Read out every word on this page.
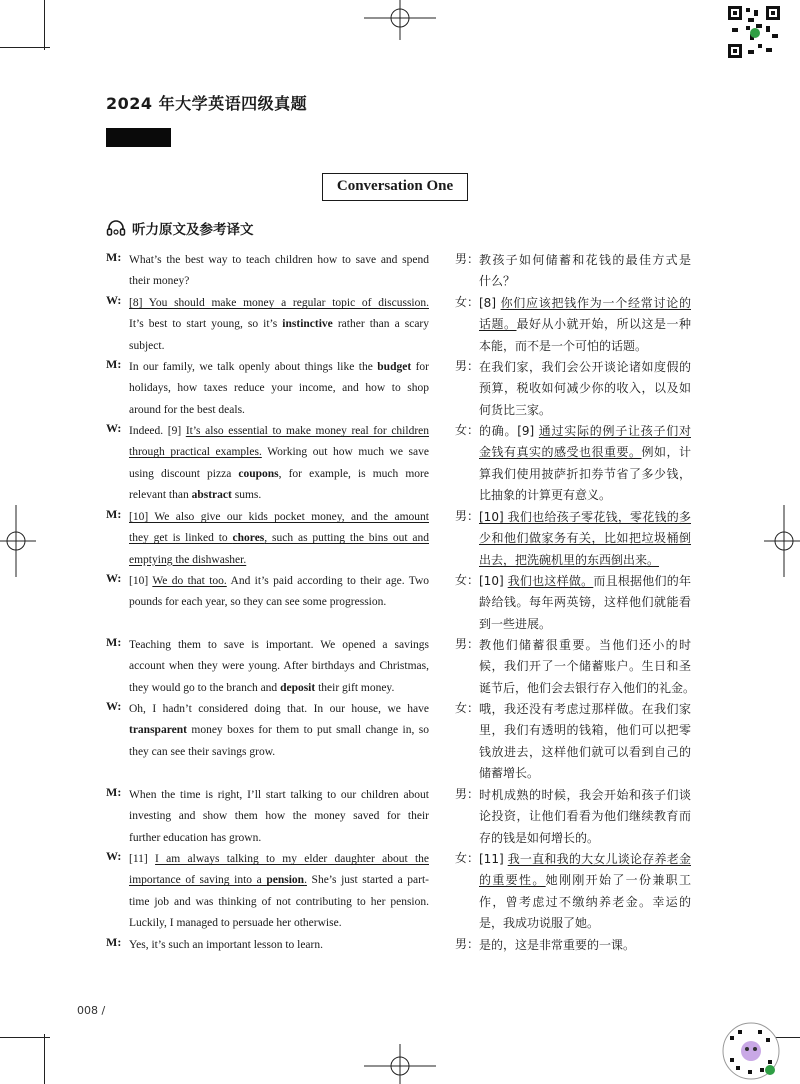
2024 年大学英语四级真题
Conversation One
听力原文及参考译文
M: What’s the best way to teach children how to save and spend
their money?
W: [8] You should make money a regular topic of discussion.
It’s best to start young, so it’s instinctive rather than a scary
subject.
M: In our family, we talk openly about things like the budget for
holidays, how taxes reduce your income, and how to shop
around for the best deals.
W: Indeed. [9] It’s also essential to make money real for children
through practical examples. Working out how much we save
using discount pizza coupons, for example, is much more
relevant than abstract sums.
M: [10] We also give our kids pocket money, and the amount
they get is linked to chores, such as putting the bins out and
emptying the dishwasher.
W: [10] We do that too. And it’s paid according to their age. Two
pounds for each year, so they can see some progression.
M: Teaching them to save is important. We opened a savings
account when they were young. After birthdays and Christmas,
they would go to the branch and deposit their gift money.
W: Oh, I hadn’t considered doing that. In our house, we have
transparent money boxes for them to put small change in, so
they can see their savings grow.
M: When the time is right, I’ll start talking to our children about
investing and show them how the money saved for their
further education has grown.
W: [11] I am always talking to my elder daughter about the
importance of saving into a pension. She’s just started a part-
time job and was thinking of not contributing to her pension.
Luckily, I managed to persuade her otherwise.
M: Yes, it’s such an important lesson to learn.
男： 教孩子如何储蓄和花钱的最佳方式是
什么？
女： [8] 你们应该把钱作为一个经常讨论的
话题。最好从小就开始，所以这是一种
本能，而不是一个可怕的话题。
男： 在我们家，我们会公开谈论诸如度假的
预算，税收如何减少你的收入，以及如
何货比三家。
女： 的确。[9] 通过实际的例子让孩子们对
金钱有真实的感受也很重要。例如，计
算我们使用披萨折扣券节省了多少钱，
比抽象的计算更有意义。
男： [10] 我们也给孩子零花钱，零花钱的多
少和他们做家务有关，比如把垃圾桶倒
出去，把洗碗机里的东西倒出来。
女： [10] 我们也这样做。而且根据他们的年
龄给钱。每年两英镑，这样他们就能看
到一些进展。
男： 教他们储蓄很重要。当他们还小的时
候，我们开了一个储蓄账户。生日和圣
诞节后，他们会去银行存入他们的礼金。
女： 哦，我还没有考虑过那样做。在我们家
里，我们有透明的钱箱，他们可以把零
钱放进去，这样他们就可以看到自己的
储蓄增长。
男： 时机成熟的时候，我会开始和孩子们谈
论投资，让他们看看为他们继续教育而
存的钱是如何增长的。
女： [11] 我一直和我的大女儿谈论存养老金
的重要性。她刚刚开始了一份兼职工
作，曾考虑过不缴纳养老金。幸运的
是，我成功说服了她。
男： 是的，这是非常重要的一课。
008 /
